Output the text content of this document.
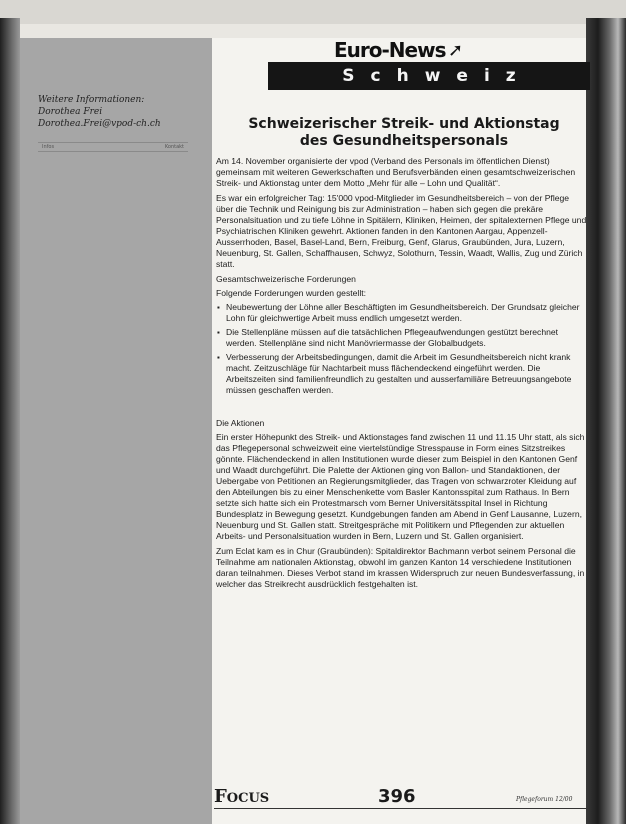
Weitere Informationen:
Dorothea Frei
Dorothea.Frei@vpod-ch.ch
Infos	Kontakt
Euro-News ➚
Schweiz
Schweizerischer Streik- und Aktionstag
des Gesundheitspersonals

Am 14. November organisierte der vpod (Verband des Personals im öffentlichen Dienst) gemeinsam mit weiteren Gewerkschaften und Berufsverbänden einen gesamtschweizerischen Streik- und Aktionstag unter dem Motto „Mehr für alle – Lohn und Qualität“.

Es war ein erfolgreicher Tag: 15'000 vpod-Mitglieder im Gesundheitsbereich – von der Pflege über die Technik und Reinigung bis zur Administration – haben sich gegen die prekäre Personalsituation und zu tiefe Löhne in Spitälern, Kliniken, Heimen, der spitalexternen Pflege und Psychiatrischen Kliniken gewehrt. Aktionen fanden in den Kantonen Aargau, Appenzell-Ausserrhoden, Basel, Basel-Land, Bern, Freiburg, Genf, Glarus, Graubünden, Jura, Luzern, Neuenburg, St. Gallen, Schaffhausen, Schwyz, Solothurn, Tessin, Waadt, Wallis, Zug und Zürich statt.

Gesamtschweizerische Forderungen

Folgende Forderungen wurden gestellt:

▪ Neubewertung der Löhne aller Beschäftigten im Gesundheitsbereich. Der Grundsatz gleicher Lohn für gleichwertige Arbeit muss endlich umgesetzt werden.
▪ Die Stellenpläne müssen auf die tatsächlichen Pflegeaufwendungen gestützt berechnet werden. Stellenpläne sind nicht Manövriermasse der Globalbudgets.
▪ Verbesserung der Arbeitsbedingungen, damit die Arbeit im Gesundheitsbereich nicht krank macht. Zeitzuschläge für Nachtarbeit muss flächendeckend eingeführt werden. Die Arbeitszeiten sind familienfreundlich zu gestalten und ausserfamiliäre Betreuungsangebote müssen geschaffen werden.

Die Aktionen

Ein erster Höhepunkt des Streik- und Aktionstages fand zwischen 11 und 11.15 Uhr statt, als sich das Pflegepersonal schweizweit eine viertelstündige Stresspause in Form eines Sitzstreikes gönnte. Flächendeckend in allen Institutionen wurde dieser zum Beispiel in den Kantonen Genf und Waadt durchgeführt. Die Palette der Aktionen ging von Ballon- und Standaktionen, der Uebergabe von Petitionen an Regierungsmitglieder, das Tragen von schwarzroter Kleidung auf den Abteilungen bis zu einer Menschenkette vom Basler Kantonsspital zum Rathaus. In Bern setzte sich hatte sich ein Protestmarsch vom Berner Universitätsspital Insel in Richtung Bundesplatz in Bewegung gesetzt. Kundgebungen fanden am Abend in Genf Lausanne, Luzern, Neuenburg und St. Gallen statt. Streitgespräche mit Politikern und Pflegenden zur aktuellen Arbeits- und Personalsituation wurden in Bern, Luzern und St. Gallen organisiert.

Zum Eclat kam es in Chur (Graubünden): Spitaldirektor Bachmann verbot seinem Personal die Teilnahme am nationalen Aktionstag, obwohl im ganzen Kanton 14 verschiedene Institutionen daran teilnahmen. Dieses Verbot stand im krassen Widerspruch zur neuen Bundesverfassung, in welcher das Streikrecht ausdrücklich festgehalten ist.

Focus	396	Pflegeforum 12/00
